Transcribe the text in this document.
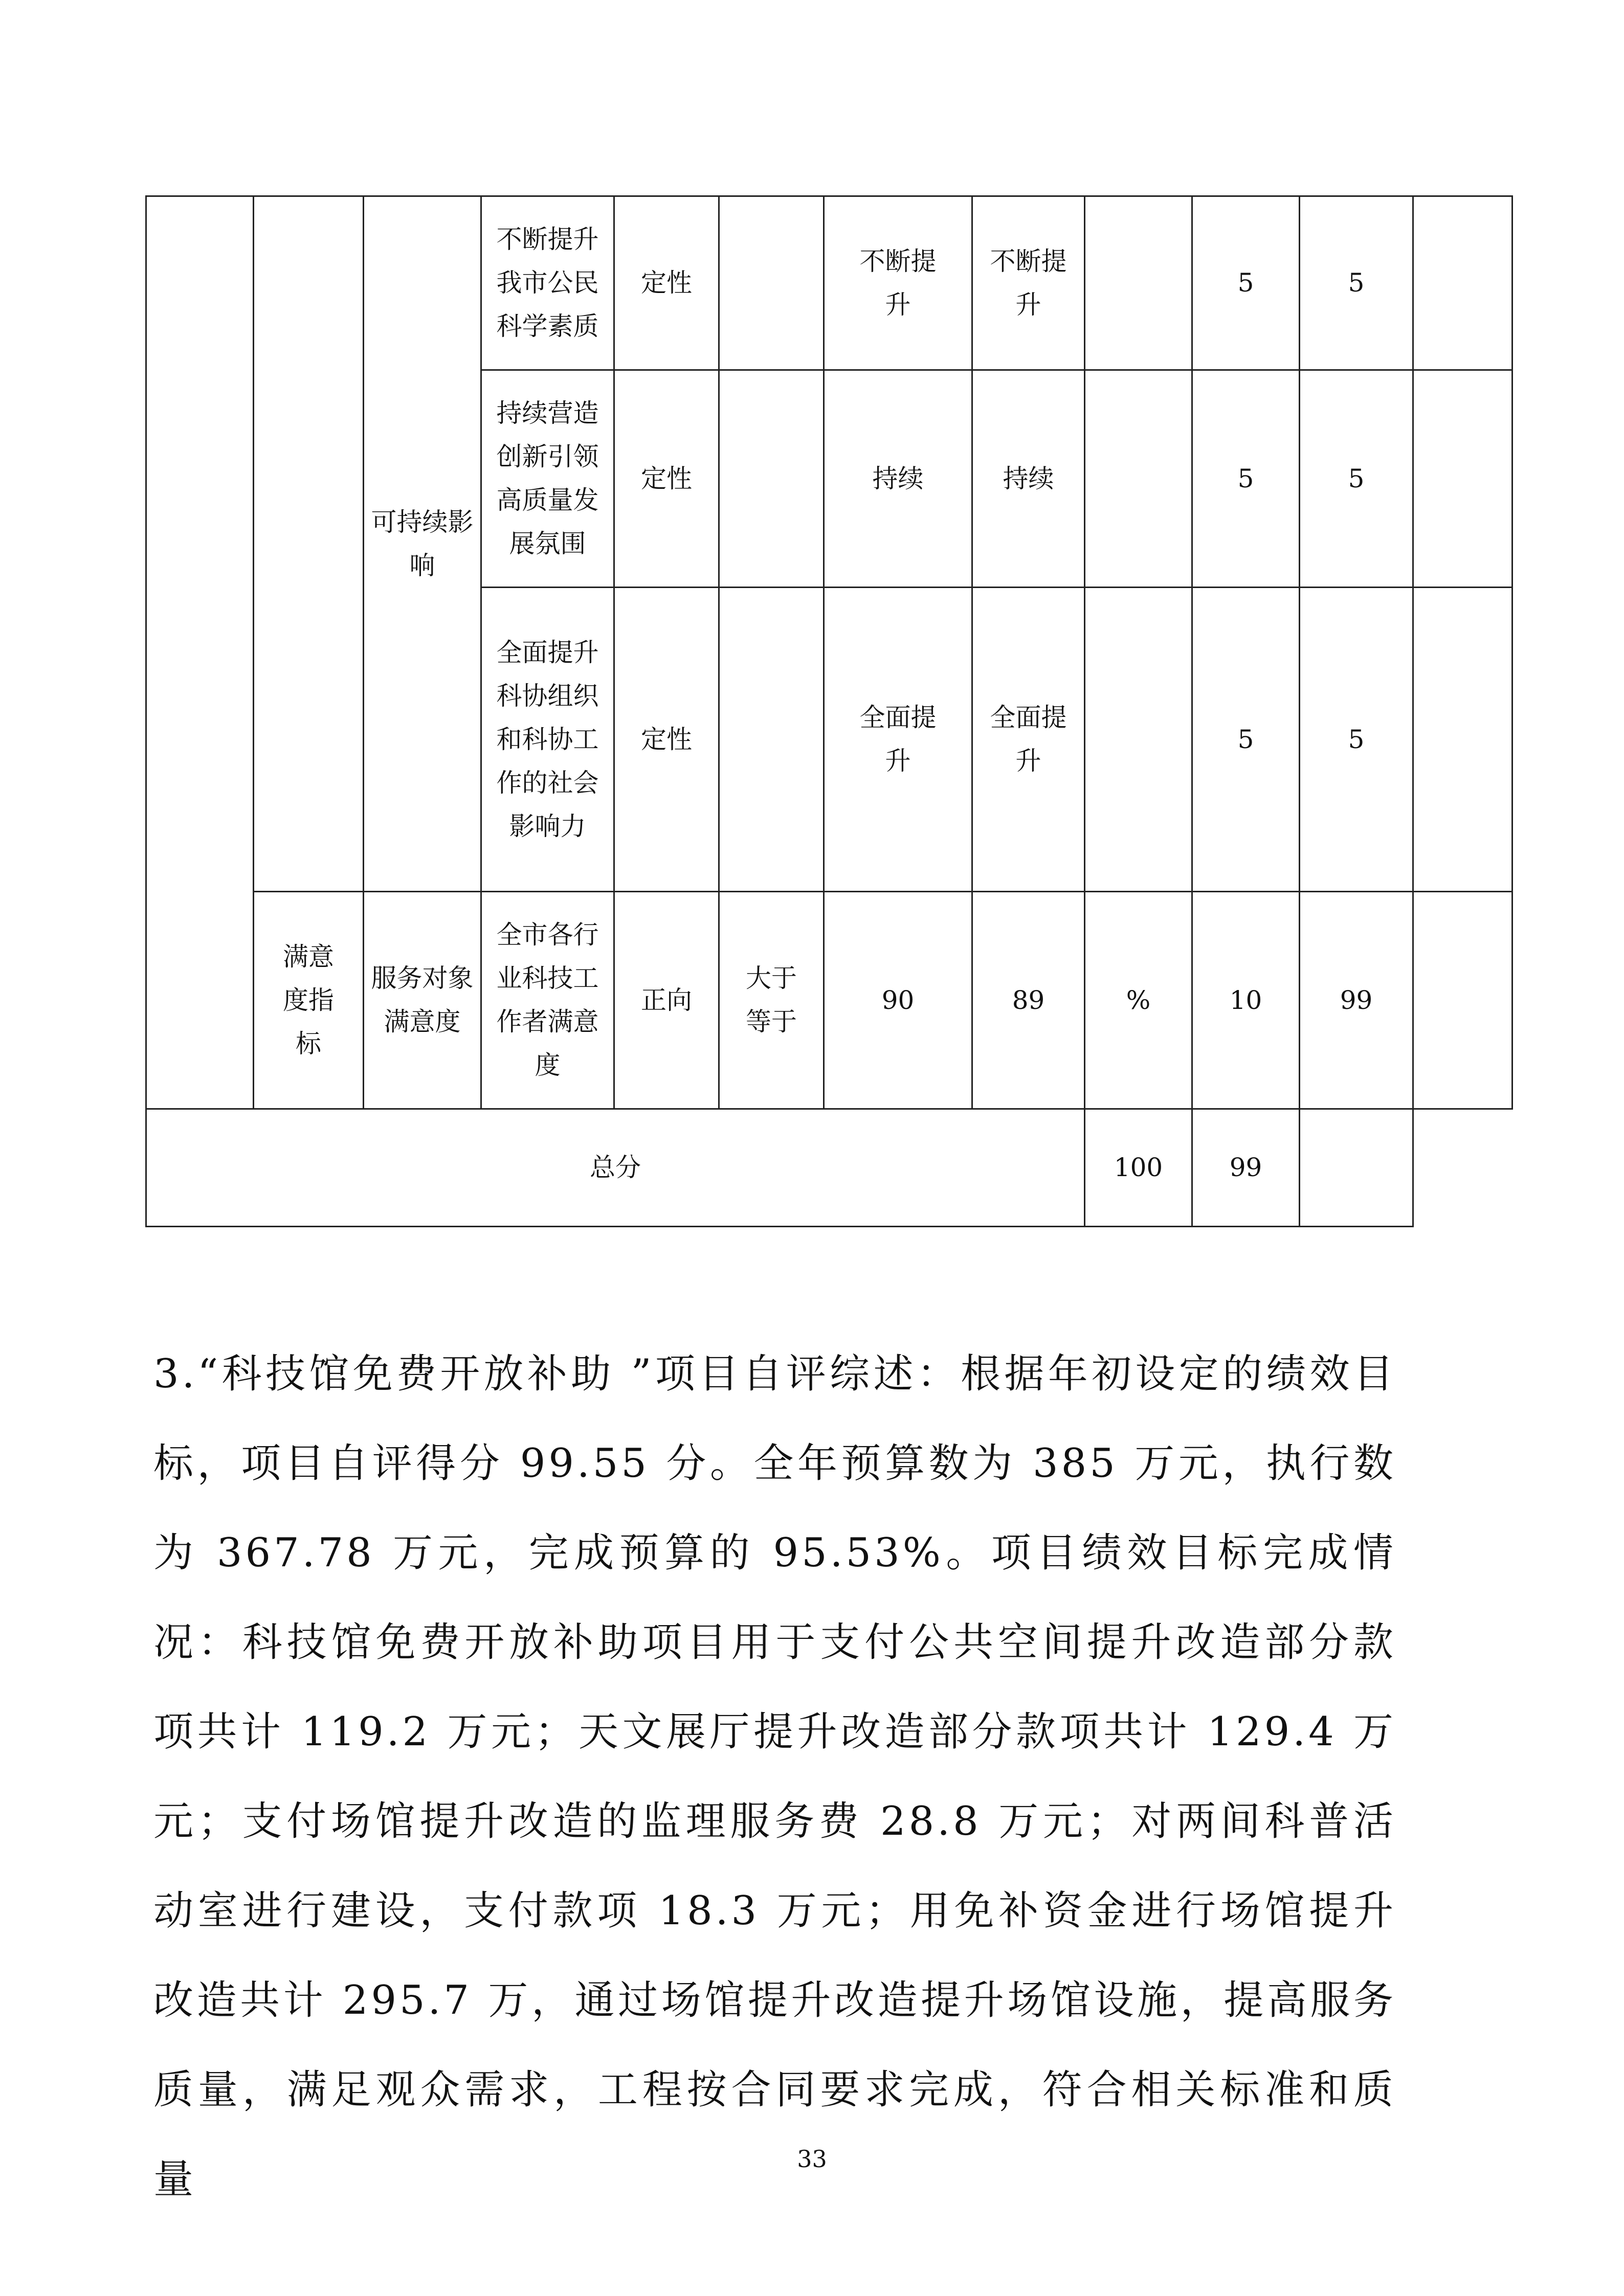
		可持续影响	不断提升我市公民科学素质	定性		不断提升	不断提升		5	5	
			持续营造创新引领高质量发展氛围	定性		持续	持续		5	5	
			全面提升科协组织和科协工作的社会影响力	定性		全面提升	全面提升		5	5	
	满意度指标	服务对象满意度	全市各行业科技工作者满意度	正向	大于等于	90	89	%	10	99	
总分								100	99		

3.“科技馆免费开放补助 ”项目自评综述：根据年初设定的绩效目标，项目自评得分 99.55 分。全年预算数为 385 万元，执行数为 367.78 万元，完成预算的 95.53%。项目绩效目标完成情况：科技馆免费开放补助项目用于支付公共空间提升改造部分款项共计 119.2 万元；天文展厅提升改造部分款项共计 129.4 万元；支付场馆提升改造的监理服务费 28.8 万元；对两间科普活动室进行建设，支付款项 18.3 万元；用免补资金进行场馆提升改造共计 295.7 万，通过场馆提升改造提升场馆设施，提高服务质量，满足观众需求，工程按合同要求完成，符合相关标准和质量	33
